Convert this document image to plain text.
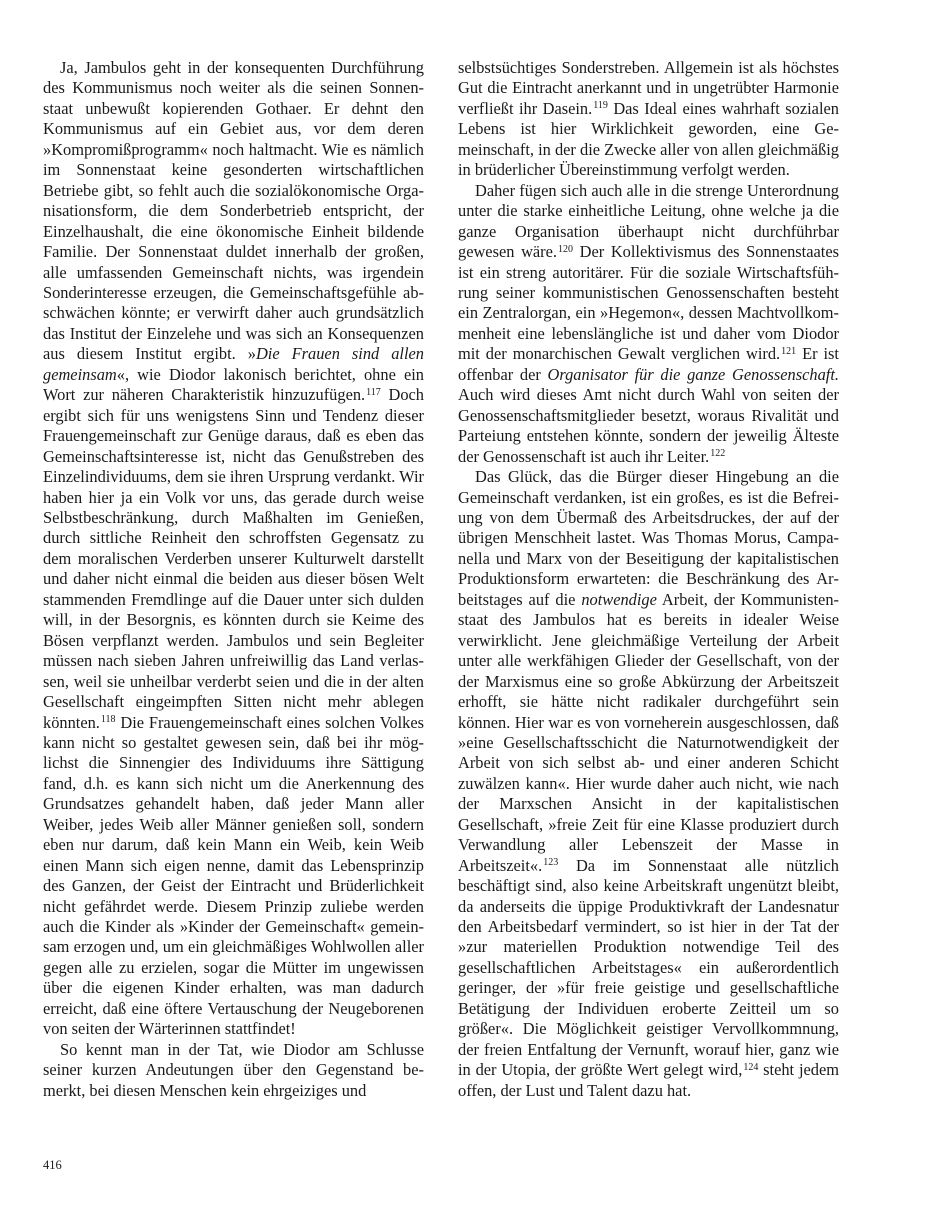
Ja, Jambulos geht in der konsequenten Durchführung des Kommunismus noch weiter als die seinen Sonnenstaat unbewußt kopierenden Gothaer. Er dehnt den Kommunismus auf ein Gebiet aus, vor dem deren »Kompromißprogramm« noch haltmacht. Wie es nämlich im Sonnenstaat keine gesonderten wirtschaftlichen Betriebe gibt, so fehlt auch die sozialökonomische Organisationsform, die dem Sonderbetrieb entspricht, der Einzelhaushalt, die eine ökonomische Einheit bildende Familie. Der Sonnenstaat duldet innerhalb der großen, alle umfassenden Gemeinschaft nichts, was irgendein Sonderinteresse erzeugen, die Gemeinschaftsgefühle abschwächen könnte; er verwirft daher auch grundsätzlich das Institut der Einzelehe und was sich an Konsequenzen aus diesem Institut ergibt. »Die Frauen sind allen gemeinsam«, wie Diodor lakonisch berichtet, ohne ein Wort zur näheren Charakteristik hinzuzufügen.$^{117}$ Doch ergibt sich für uns wenigstens Sinn und Tendenz dieser Frauengemeinschaft zur Genüge daraus, daß es eben das Gemeinschaftsinteresse ist, nicht das Genußstreben des Einzelindividuums, dem sie ihren Ursprung verdankt. Wir haben hier ja ein Volk vor uns, das gerade durch weise Selbstbeschränkung, durch Maßhalten im Genießen, durch sittliche Reinheit den schroffsten Gegensatz zu dem moralischen Verderben unserer Kulturwelt darstellt und daher nicht einmal die beiden aus dieser bösen Welt stammenden Fremdlinge auf die Dauer unter sich dulden will, in der Besorgnis, es könnten durch sie Keime des Bösen verpflanzt werden. Jambulos und sein Begleiter müssen nach sieben Jahren unfreiwillig das Land verlassen, weil sie unheilbar verderbt seien und die in der alten Gesellschaft eingeimpften Sitten nicht mehr ablegen könnten.$^{118}$ Die Frauengemeinschaft eines solchen Volkes kann nicht so gestaltet gewesen sein, daß bei ihr möglichst die Sinnengier des Individuums ihre Sättigung fand, d.h. es kann sich nicht um die Anerkennung des Grundsatzes gehandelt haben, daß jeder Mann aller Weiber, jedes Weib aller Männer genießen soll, sondern eben nur darum, daß kein Mann ein Weib, kein Weib einen Mann sich eigen nenne, damit das Lebensprinzip des Ganzen, der Geist der Eintracht und Brüderlichkeit nicht gefährdet werde. Diesem Prinzip zuliebe werden auch die Kinder als »Kinder der Gemeinschaft« gemeinsam erzogen und, um ein gleichmäßiges Wohlwollen aller gegen alle zu erzielen, sogar die Mütter im ungewissen über die eigenen Kinder erhalten, was man dadurch erreicht, daß eine öftere Vertauschung der Neugeborenen von seiten der Wärterinnen stattfindet!

So kennt man in der Tat, wie Diodor am Schlusse seiner kurzen Andeutungen über den Gegenstand bemerkt, bei diesen Menschen kein ehrgeiziges und

selbstsüchtiges Sonderstreben. Allgemein ist als höchstes Gut die Eintracht anerkannt und in ungetrübter Harmonie verfließt ihr Dasein.$^{119}$ Das Ideal eines wahrhaft sozialen Lebens ist hier Wirklichkeit geworden, eine Gemeinschaft, in der die Zwecke aller von allen gleichmäßig in brüderlicher Übereinstimmung verfolgt werden.

Daher fügen sich auch alle in die strenge Unterordnung unter die starke einheitliche Leitung, ohne welche ja die ganze Organisation überhaupt nicht durchführbar gewesen wäre.$^{120}$ Der Kollektivismus des Sonnenstaates ist ein streng autoritärer. Für die soziale Wirtschaftsführung seiner kommunistischen Genossenschaften besteht ein Zentralorgan, ein »Hegemon«, dessen Machtvollkommenheit eine lebenslängliche ist und daher vom Diodor mit der monarchischen Gewalt verglichen wird.$^{121}$ Er ist offenbar der Organisator für die ganze Genossenschaft. Auch wird dieses Amt nicht durch Wahl von seiten der Genossenschaftsmitglieder besetzt, woraus Rivalität und Parteiung entstehen könnte, sondern der jeweilig Älteste der Genossenschaft ist auch ihr Leiter.$^{122}$

Das Glück, das die Bürger dieser Hingebung an die Gemeinschaft verdanken, ist ein großes, es ist die Befreiung von dem Übermaß des Arbeitsdruckes, der auf der übrigen Menschheit lastet. Was Thomas Morus, Campanella und Marx von der Beseitigung der kapitalistischen Produktionsform erwarteten: die Beschränkung des Arbeitstages auf die notwendige Arbeit, der Kommunistenstaat des Jambulos hat es bereits in idealer Weise verwirklicht. Jene gleichmäßige Verteilung der Arbeit unter alle werkfähigen Glieder der Gesellschaft, von der der Marxismus eine so große Abkürzung der Arbeitszeit erhofft, sie hätte nicht radikaler durchgeführt sein können. Hier war es von vorneherein ausgeschlossen, daß »eine Gesellschaftsschicht die Naturnotwendigkeit der Arbeit von sich selbst ab- und einer anderen Schicht zuwälzen kann«. Hier wurde daher auch nicht, wie nach der Marxschen Ansicht in der kapitalistischen Gesellschaft, »freie Zeit für eine Klasse produziert durch Verwandlung aller Lebenszeit der Masse in Arbeitszeit«.$^{123}$ Da im Sonnenstaat alle nützlich beschäftigt sind, also keine Arbeitskraft ungenützt bleibt, da anderseits die üppige Produktivkraft der Landesnatur den Arbeitsbedarf vermindert, so ist hier in der Tat der »zur materiellen Produktion notwendige Teil des gesellschaftlichen Arbeitstages« ein außerordentlich geringer, der »für freie geistige und gesellschaftliche Betätigung der Individuen eroberte Zeitteil um so größer«. Die Möglichkeit geistiger Vervollkommnung, der freien Entfaltung der Vernunft, worauf hier, ganz wie in der Utopia, der größte Wert gelegt wird,$^{124}$ steht jedem offen, der Lust und Talent dazu hat.

416
